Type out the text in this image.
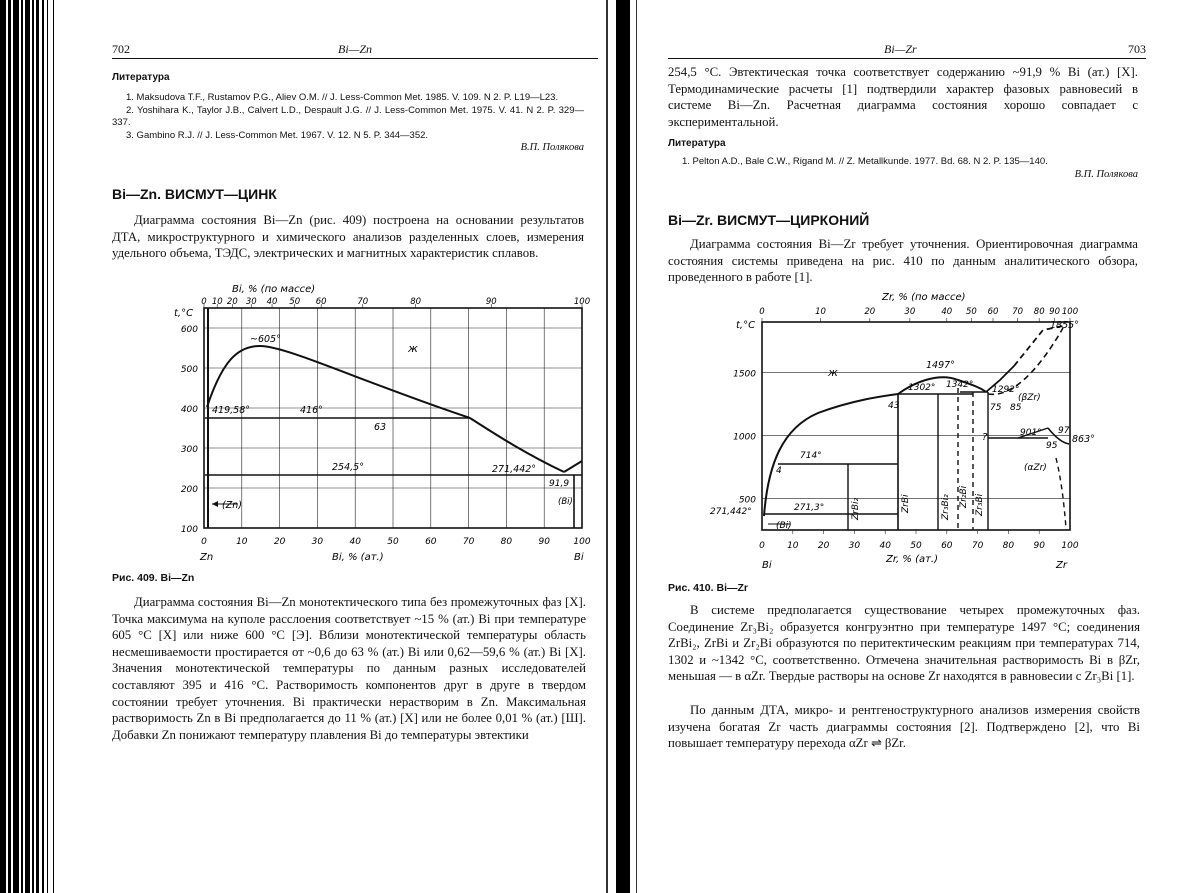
702	Bi—Zn
Литература
1. Maksudova T.F., Rustamov P.G., Aliev O.M. // J. Less-Common Met. 1985. V. 109. N 2. P. L19—L23.
2. Yoshihara K., Taylor J.B., Calvert L.D., Despault J.G. // J. Less-Common Met. 1975. V. 41. N 2. P. 329—337.
3. Gambino R.J. // J. Less-Common Met. 1967. V. 12. N 5. P. 344—352.
В.П. Полякова
Bi—Zn. ВИСМУТ—ЦИНК

Диаграмма состояния Bi—Zn (рис. 409) построена на основании результатов ДТА, микроструктурного и химического анализов разделенных слоев, измерения удельного объема, ТЭДС, электрических и магнитных характеристик сплавов.

0 10 20 30 40 50 60	70	80	90	100
Bi, % (по массе)
t,°C
100
200
300
400
500
600
~605°
ж
419,58°	416°
63
254,5°
91,9
271,442°
(Zn)	(Bi)
0	10	20	30	40	50	60	70	80	90	100
Bi, % (ат.)
Zn	Bi
Рис. 409. Bi—Zn

Диаграмма состояния Bi—Zn монотектического типа без промежуточных фаз [X]. Точка максимума на куполе расслоения соответствует ~15 % (ат.) Bi при температуре 605 °С [X] или ниже 600 °С [Э]. Вблизи монотектической температуры область несмешиваемости простирается от ~0,6 до 63 % (ат.) Bi или 0,62—59,6 % (ат.) Bi [X]. Значения монотектической температуры по данным разных исследователей составляют 395 и 416 °С. Растворимость компонентов друг в друге в твердом состоянии требует уточнения. Bi практически нерастворим в Zn. Максимальная растворимость Zn в Bi предполагается до 11 % (ат.) [X] или не более 0,01 % (ат.) [Ш]. Добавки Zn понижают температуру плавления Bi до температуры эвтектики

Bi—Zr	703

254,5 °С. Эвтектическая точка соответствует содержанию ~91,9 % Bi (ат.) [X]. Термодинамические расчеты [1] подтвердили характер фазовых равновесий в системе Bi—Zn. Расчетная диаграмма состояния хорошо совпадает с экспериментальной.

Литература
1. Pelton A.D., Bale C.W., Rigand M. // Z. Metallkunde. 1977. Bd. 68. N 2. P. 135—140.
В.П. Полякова
Bi—Zr. ВИСМУТ—ЦИРКОНИЙ

Диаграмма состояния Bi—Zr требует уточнения. Ориентировочная диаграмма состояния системы приведена на рис. 410 по данным аналитического обзора, проведенного в работе [1].

0	10	20	30	40 50 60 70 80 90 100
Zr, % (по массе)
t,°C
500
1000
1500
1855°
ж
1497°
1302° 1342° 1292°
(βZr)
43	75 85
714°
901° 97
95
863°
?
(αZr)
4
271,3°
271,442°
(Bi)
ZrBi₂	ZrBi	Zr₃Bi₂ Zr₂Bi Zr₃Bi
0 10 20 30 40 50 60 70 80 90 100
Zr, % (ат.)
Bi	Zr
Рис. 410. Bi—Zr

В системе предполагается существование четырех промежуточных фаз. Соединение Zr₃Bi₂ образуется конгруэнтно при температуре 1497 °С; соединения ZrBi₂, ZrBi и Zr₂Bi образуются по перитектическим реакциям при температурах 714, 1302 и ~1342 °С, соответственно. Отмечена значительная растворимость Bi в βZr, меньшая — в αZr. Твердые растворы на основе Zr находятся в равновесии с Zr₃Bi [1].

По данным ДТА, микро- и рентгеноструктурного анализов измерения свойств изучена богатая Zr часть диаграммы состояния [2]. Подтверждено [2], что Bi повышает температуру перехода αZr ⇌ βZr.
